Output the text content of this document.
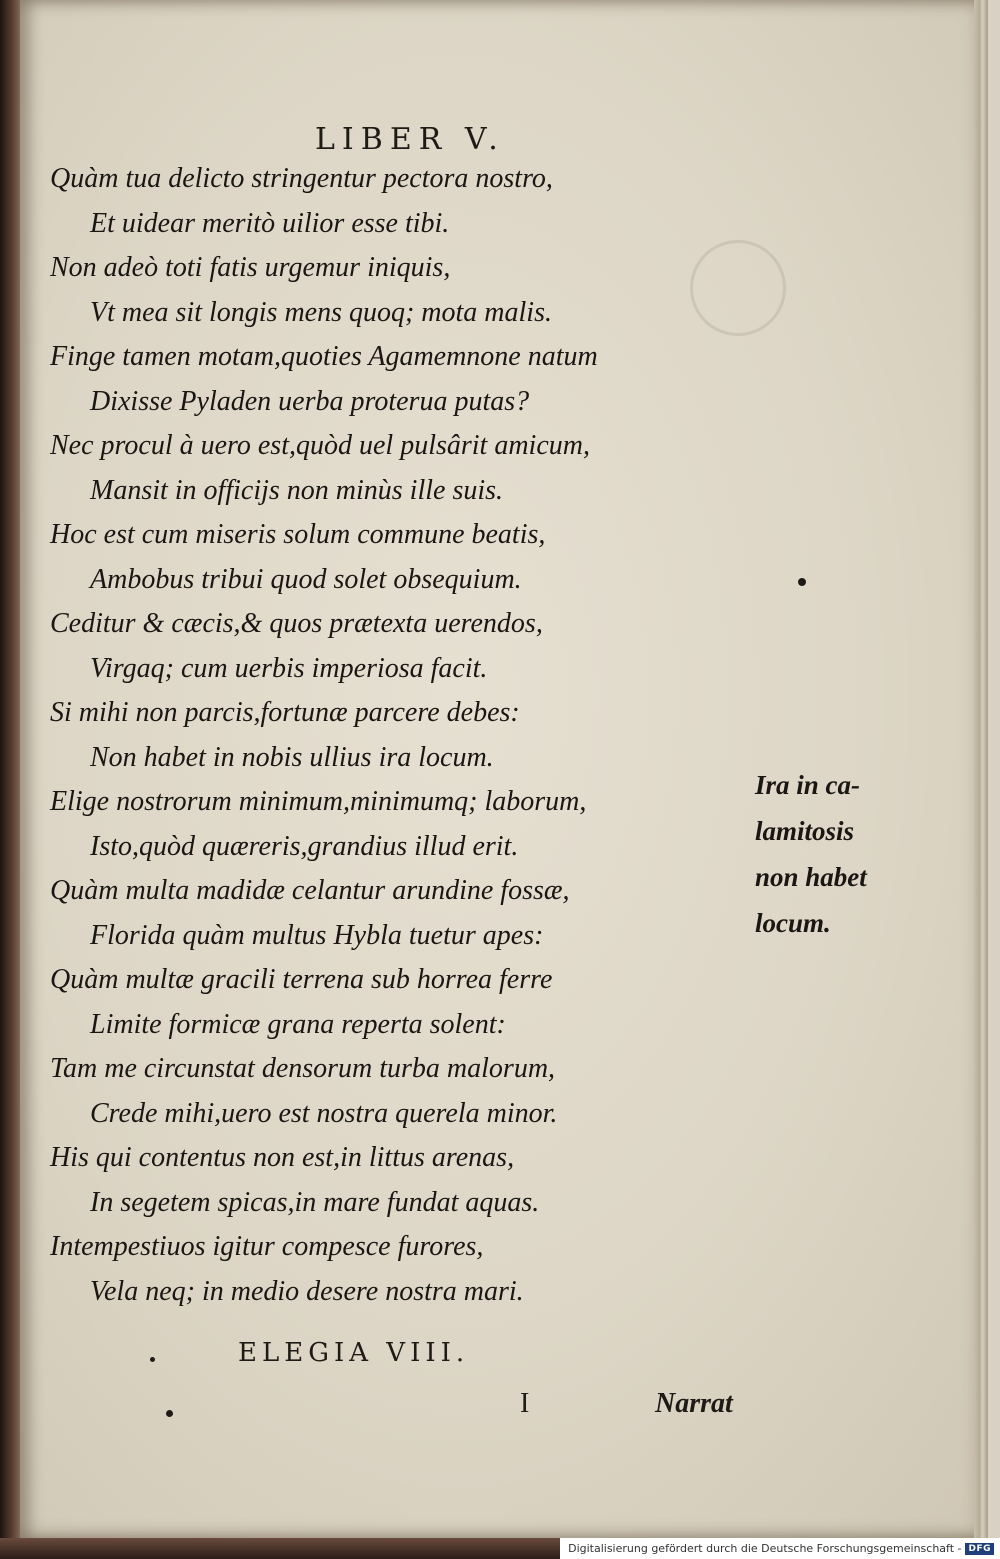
LIBER V.
Quàm tua delicto stringentur pectora nostro,
Et uidear meritò uilior esse tibi.
Non adeò toti fatis urgemur iniquis,
Vt mea sit longis mens quoq; mota malis.
Finge tamen motam,quoties Agamemnone natum
Dixisse Pyladen uerba proterua putas?
Nec procul à uero est,quòd uel pulsârit amicum,
Mansit in officijs non minùs ille suis.
Hoc est cum miseris solum commune beatis,
Ambobus tribui quod solet obsequium.
Ceditur & cæcis,& quos prætexta uerendos,
Virgaq; cum uerbis imperiosa facit.
Si mihi non parcis,fortunæ parcere debes:
Non habet in nobis ullius ira locum.
Elige nostrorum minimum,minimumq; laborum,
Isto,quòd quæreris,grandius illud erit.
Quàm multa madidæ celantur arundine fossæ,
Florida quàm multus Hybla tuetur apes:
Quàm multæ gracili terrena sub horrea ferre
Limite formicæ grana reperta solent:
Tam me circunstat densorum turba malorum,
Crede mihi,uero est nostra querela minor.
His qui contentus non est,in littus arenas,
In segetem spicas,in mare fundat aquas.
Intempestiuos igitur compesce furores,
Vela neq; in medio desere nostra mari.
Ira in ca-
lamitosis
non habet
locum.
ELEGIA VIII.
I	Narrat
Digitalisierung gefördert durch die Deutsche Forschungsgemeinschaft - DFG
